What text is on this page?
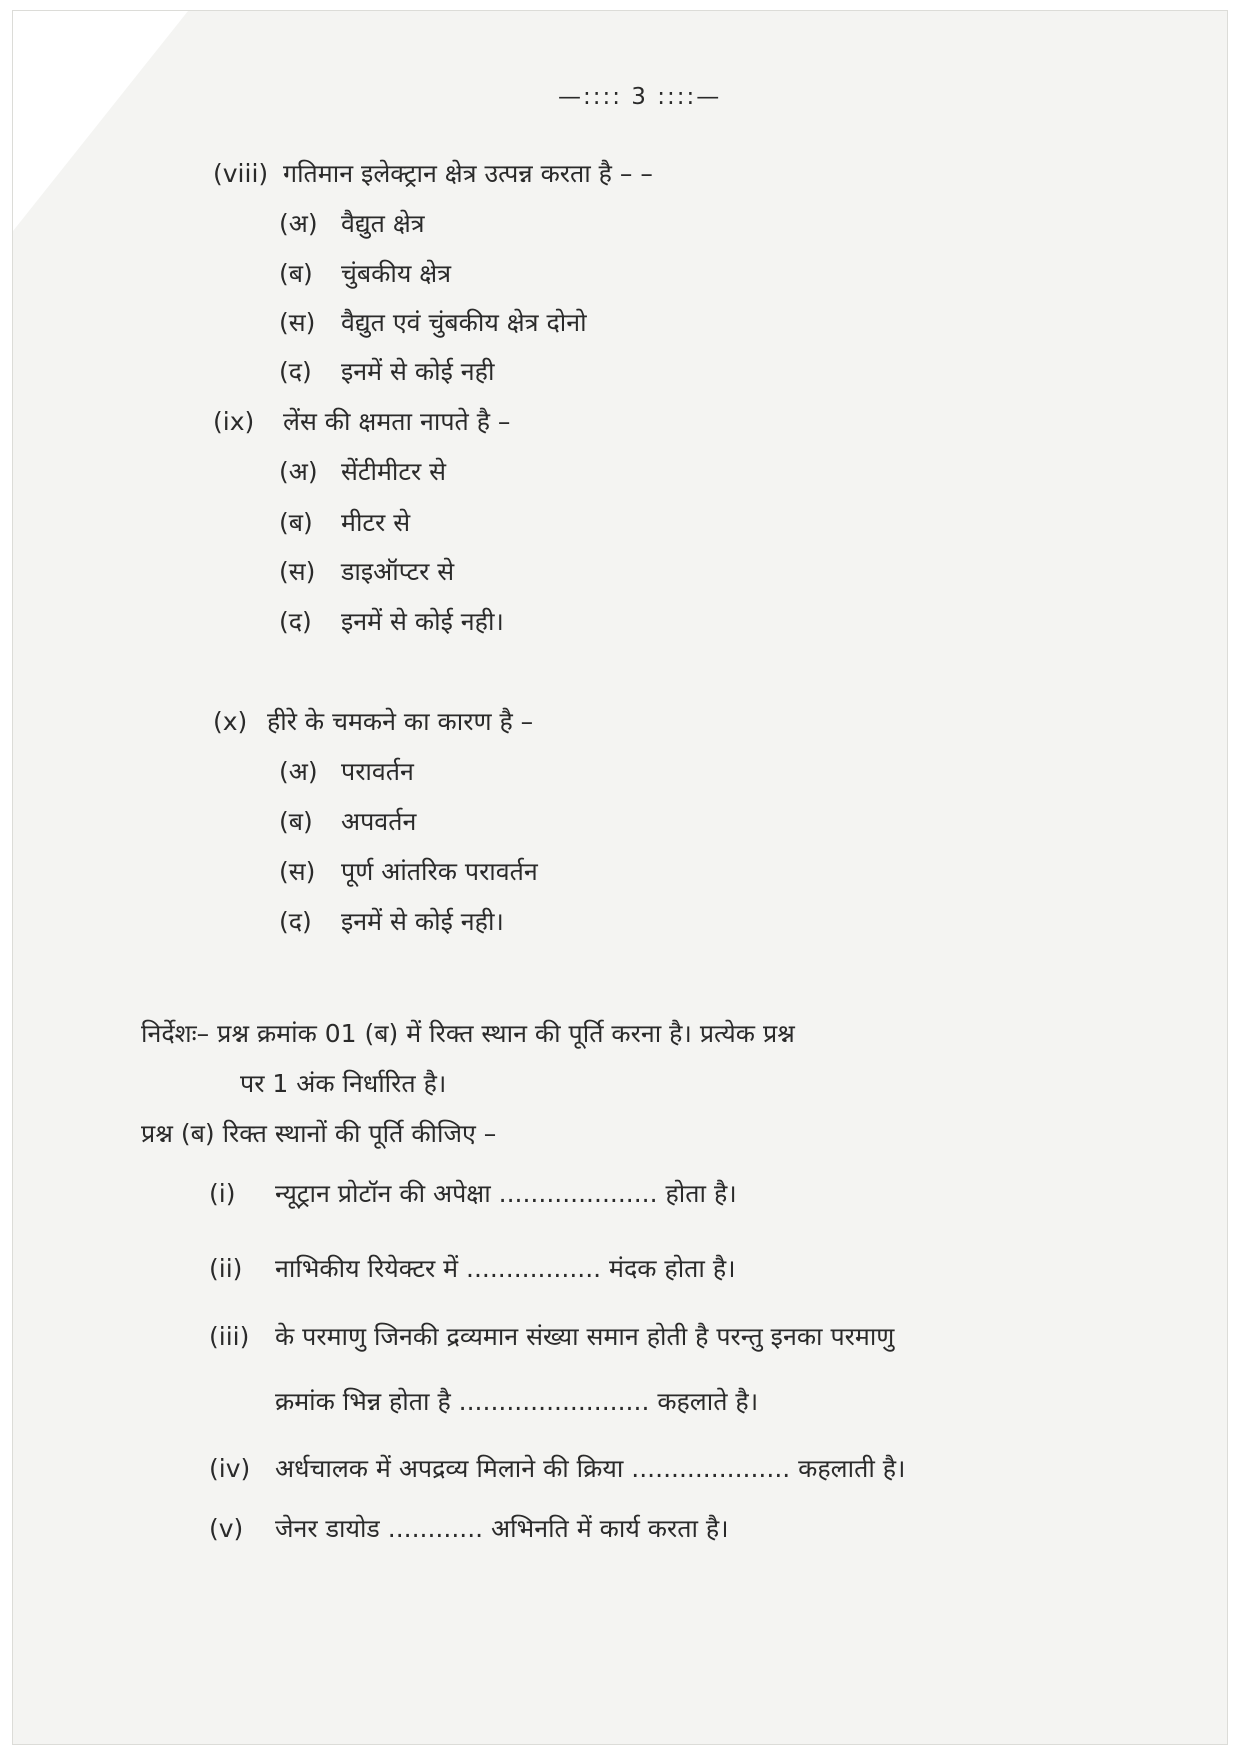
—:::: 3 ::::—
(viii) गतिमान इलेक्ट्रान क्षेत्र उत्पन्न करता है – –
(अ) वैद्युत क्षेत्र
(ब) चुंबकीय क्षेत्र
(स) वैद्युत एवं चुंबकीय क्षेत्र दोनो
(द) इनमें से कोई नही
(ix) लेंस की क्षमता नापते है –
(अ) सेंटीमीटर से
(ब) मीटर से
(स) डाइऑप्टर से
(द) इनमें से कोई नही।
(x) हीरे के चमकने का कारण है –
(अ) परावर्तन
(ब) अपवर्तन
(स) पूर्ण आंतरिक परावर्तन
(द) इनमें से कोई नही।
निर्देशः– प्रश्न क्रमांक 01 (ब) में रिक्त स्थान की पूर्ति करना है। प्रत्येक प्रश्न
पर 1 अंक निर्धारित है।
प्रश्न (ब) रिक्त स्थानों की पूर्ति कीजिए –
(i) न्यूट्रान प्रोटॉन की अपेक्षा .................... होता है।
(ii) नाभिकीय रियेक्टर में ................. मंदक होता है।
(iii) के परमाणु जिनकी द्रव्यमान संख्या समान होती है परन्तु इनका परमाणु
क्रमांक भिन्न होता है ........................ कहलाते है।
(iv) अर्धचालक में अपद्रव्य मिलाने की क्रिया .................... कहलाती है।
(v) जेनर डायोड ............ अभिनति में कार्य करता है।
